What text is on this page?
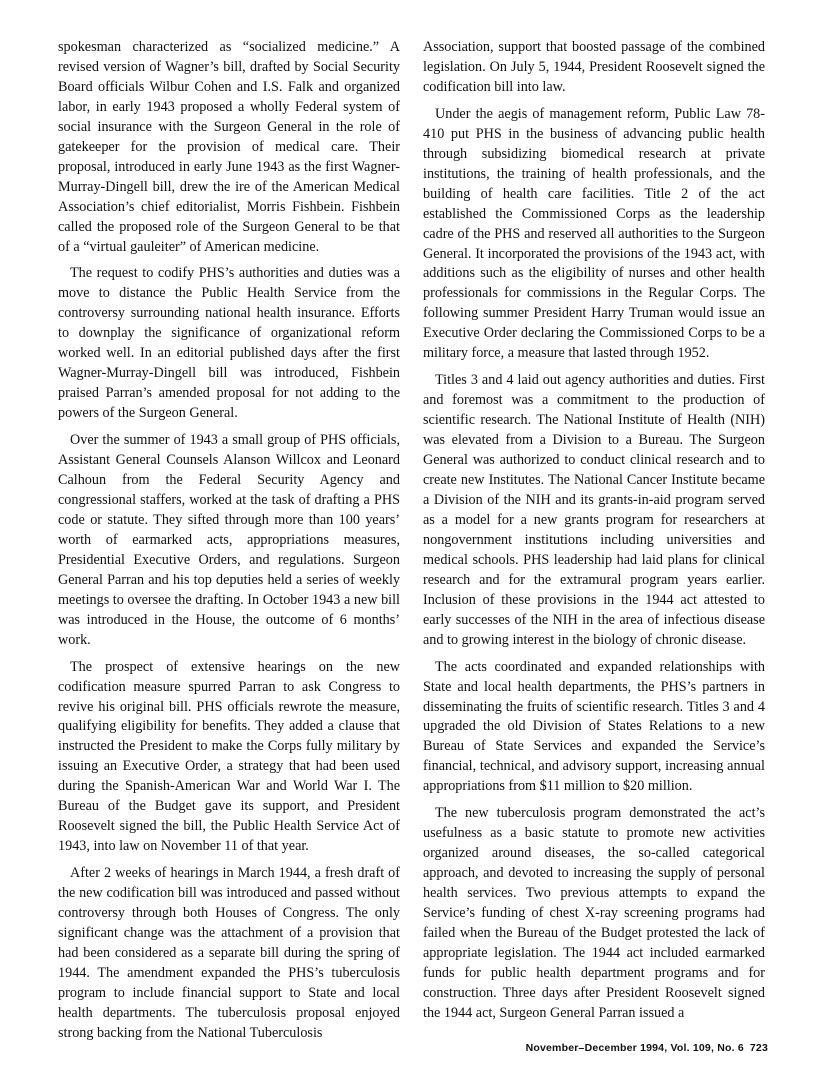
spokesman characterized as “socialized medicine.” A revised version of Wagner’s bill, drafted by Social Security Board officials Wilbur Cohen and I.S. Falk and organized labor, in early 1943 proposed a wholly Federal system of social insurance with the Surgeon General in the role of gatekeeper for the provision of medical care. Their proposal, introduced in early June 1943 as the first Wagner-Murray-Dingell bill, drew the ire of the American Medical Association’s chief editorialist, Morris Fishbein. Fishbein called the proposed role of the Surgeon General to be that of a “virtual gauleiter” of American medicine.

The request to codify PHS’s authorities and duties was a move to distance the Public Health Service from the controversy surrounding national health insurance. Efforts to downplay the significance of organizational reform worked well. In an editorial published days after the first Wagner-Murray-Dingell bill was introduced, Fishbein praised Parran’s amended proposal for not adding to the powers of the Surgeon General.

Over the summer of 1943 a small group of PHS officials, Assistant General Counsels Alanson Willcox and Leonard Calhoun from the Federal Security Agency and congressional staffers, worked at the task of drafting a PHS code or statute. They sifted through more than 100 years’ worth of earmarked acts, appropriations measures, Presidential Executive Orders, and regulations. Surgeon General Parran and his top deputies held a series of weekly meetings to oversee the drafting. In October 1943 a new bill was introduced in the House, the outcome of 6 months’ work.

The prospect of extensive hearings on the new codification measure spurred Parran to ask Congress to revive his original bill. PHS officials rewrote the measure, qualifying eligibility for benefits. They added a clause that instructed the President to make the Corps fully military by issuing an Executive Order, a strategy that had been used during the Spanish-American War and World War I. The Bureau of the Budget gave its support, and President Roosevelt signed the bill, the Public Health Service Act of 1943, into law on November 11 of that year.

After 2 weeks of hearings in March 1944, a fresh draft of the new codification bill was introduced and passed without controversy through both Houses of Congress. The only significant change was the attachment of a provision that had been considered as a separate bill during the spring of 1944. The amendment expanded the PHS’s tuberculosis program to include financial support to State and local health departments. The tuberculosis proposal enjoyed strong backing from the National Tuberculosis

Association, support that boosted passage of the combined legislation. On July 5, 1944, President Roosevelt signed the codification bill into law.

Under the aegis of management reform, Public Law 78-410 put PHS in the business of advancing public health through subsidizing biomedical research at private institutions, the training of health professionals, and the building of health care facilities. Title 2 of the act established the Commissioned Corps as the leadership cadre of the PHS and reserved all authorities to the Surgeon General. It incorporated the provisions of the 1943 act, with additions such as the eligibility of nurses and other health professionals for commissions in the Regular Corps. The following summer President Harry Truman would issue an Executive Order declaring the Commissioned Corps to be a military force, a measure that lasted through 1952.

Titles 3 and 4 laid out agency authorities and duties. First and foremost was a commitment to the production of scientific research. The National Institute of Health (NIH) was elevated from a Division to a Bureau. The Surgeon General was authorized to conduct clinical research and to create new Institutes. The National Cancer Institute became a Division of the NIH and its grants-in-aid program served as a model for a new grants program for researchers at nongovernment institutions including universities and medical schools. PHS leadership had laid plans for clinical research and for the extramural program years earlier. Inclusion of these provisions in the 1944 act attested to early successes of the NIH in the area of infectious disease and to growing interest in the biology of chronic disease.

The acts coordinated and expanded relationships with State and local health departments, the PHS’s partners in disseminating the fruits of scientific research. Titles 3 and 4 upgraded the old Division of States Relations to a new Bureau of State Services and expanded the Service’s financial, technical, and advisory support, increasing annual appropriations from $11 million to $20 million.

The new tuberculosis program demonstrated the act’s usefulness as a basic statute to promote new activities organized around diseases, the so-called categorical approach, and devoted to increasing the supply of personal health services. Two previous attempts to expand the Service’s funding of chest X-ray screening programs had failed when the Bureau of the Budget protested the lack of appropriate legislation. The 1944 act included earmarked funds for public health department programs and for construction. Three days after President Roosevelt signed the 1944 act, Surgeon General Parran issued a

November–December 1994, Vol. 109, No. 6 723
